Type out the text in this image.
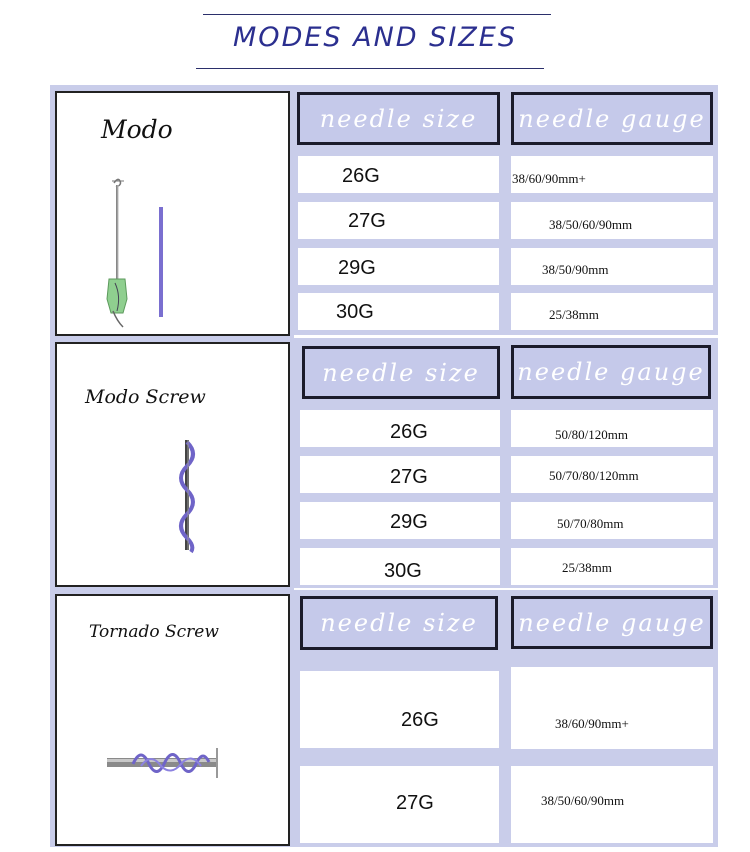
MODES AND SIZES
Modo	needle size	needle gauge
26G	38/60/90mm+
27G	38/50/60/90mm
29G	38/50/90mm
30G	25/38mm
Modo Screw
needle size	needle gauge
26G	50/80/120mm
27G	50/70/80/120mm
29G	50/70/80mm
30G	25/38mm
Tornado Screw	needle size	needle gauge
26G	38/60/90mm+
27G	38/50/60/90mm
